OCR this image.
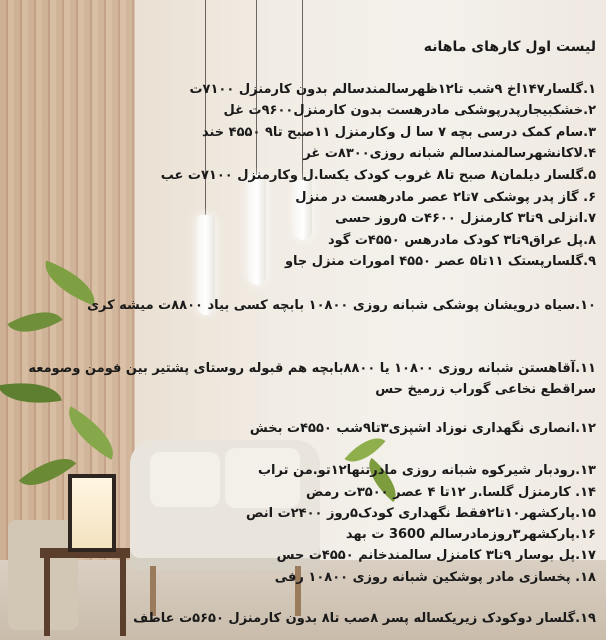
لیست اول کارهای ماهانه

۱.گلسار۱۴۷اخ ۹شب تا۱۲ظهرسالمندسالم بدون کارمنزل ۷۱۰۰ت

۲.خشکبیجارپدرپوشکی مادرهست بدون کارمنزل۹۶۰۰ت غل

۳.سام کمک درسی بچه ۷ سا ل وکارمنزل ۱۱صبح تا۹ ۴۵۵۰ خند

۴.لاکانشهرسالمندسالم شبانه روزی۸۳۰۰ت غر

۵.گلسار دیلمان۸ صبح تا۸ غروب کودک یکسا.ل وکارمنزل ۷۱۰۰ت عب

۶. گاز پدر پوشکی ۷تا۲ عصر مادرهست در منزل

۷.انزلی ۹تا۳ کارمنزل ۴۶۰۰ت ۵روز حسی

۸.پل عراق۹تا۳ کودک مادرهس ۴۵۵۰ت گود

۹.گلسارپستک ۱۱تا۵ عصر ۴۵۵۰ امورات منزل جاو

۱۰.سیاه درویشان پوشکی شبانه روزی ۱۰۸۰۰ بابچه کسی بیاد ۸۸۰۰ت میشه کری

۱۱.آقاهستن شبانه روزی ۱۰۸۰۰ یا ۸۸۰۰بابچه هم قبوله روستای پشتیر بین فومن وصومعه سراقطع نخاعی گوراب زرمیخ حس

۱۲.انصاری نگهداری نوزاد اشپزی۳تا۹شب ۴۵۵۰ت بخش

۱۳.رودبار شیرکوه شبانه روزی مادرتنها۱۲تو.من تراب

۱۴. کارمنزل گلسا.ر ۱۲تا ۴ عصر ۳۵۰۰ت رمض

۱۵.پارکشهر۱۰تا۲فقط نگهداری کودک۵روز ۲۴۰۰ت انص

۱۶.پارکشهر۳روزمادرسالم 3600 ت بهد

۱۷.پل بوسار ۹تا۳ کامنزل سالمندخانم ۴۵۵۰ت حس

۱۸. پخسازی مادر پوشکین شبانه روزی ۱۰۸۰۰ رفی

۱۹.گلسار دوکودک زیریکساله پسر ۸صب تا۸ بدون کارمنزل ۵۶۵۰ت عاطف
